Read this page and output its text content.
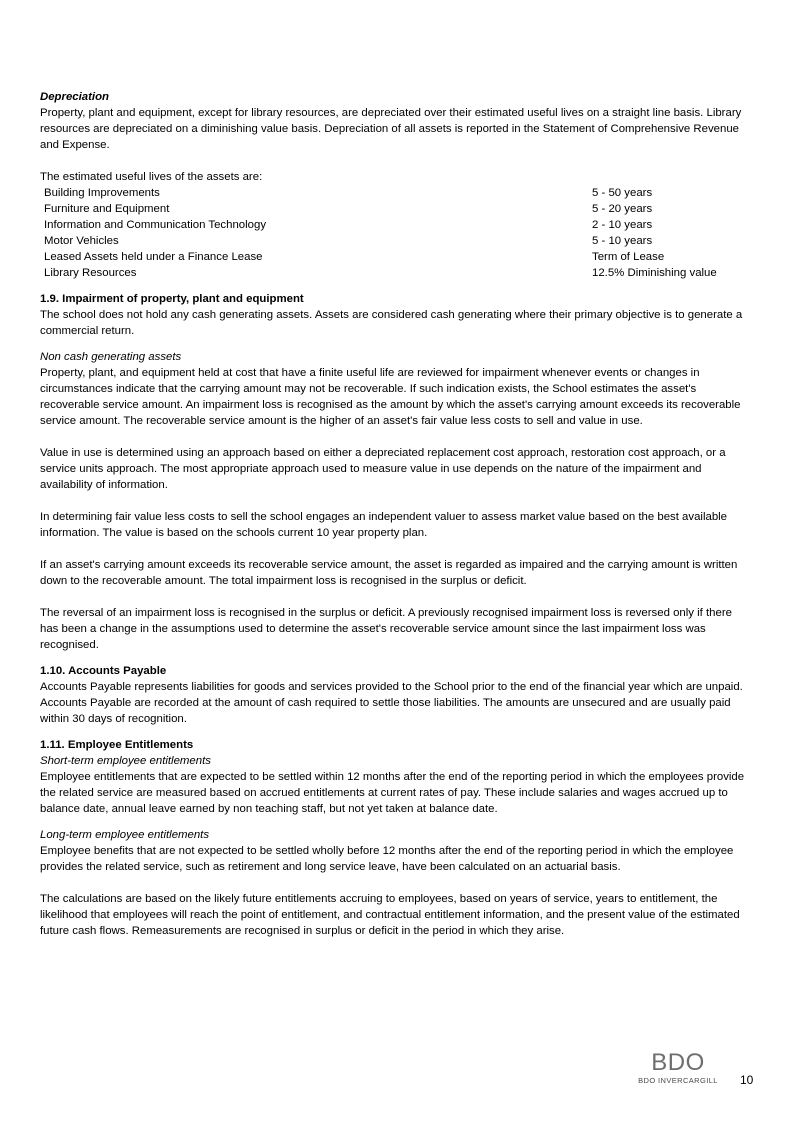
Depreciation

Property, plant and equipment, except for library resources, are depreciated over their estimated useful lives on a straight line basis. Library resources are depreciated on a diminishing value basis. Depreciation of all assets is reported in the Statement of Comprehensive Revenue and Expense.

The estimated useful lives of the assets are:

Building Improvements	5 - 50 years
Furniture and Equipment	5 - 20 years
Information and Communication Technology	2 - 10 years
Motor Vehicles	5 - 10 years
Leased Assets held under a Finance Lease	Term of Lease
Library Resources	12.5% Diminishing value

1.9. Impairment of property, plant and equipment

The school does not hold any cash generating assets. Assets are considered cash generating where their primary objective is to generate a commercial return.

Non cash generating assets

Property, plant, and equipment held at cost that have a finite useful life are reviewed for impairment whenever events or changes in circumstances indicate that the carrying amount may not be recoverable. If such indication exists, the School estimates the asset's recoverable service amount. An impairment loss is recognised as the amount by which the asset's carrying amount exceeds its recoverable service amount. The recoverable service amount is the higher of an asset's fair value less costs to sell and value in use.

Value in use is determined using an approach based on either a depreciated replacement cost approach, restoration cost approach, or a service units approach. The most appropriate approach used to measure value in use depends on the nature of the impairment and availability of information.

In determining fair value less costs to sell the school engages an independent valuer to assess market value based on the best available information. The value is based on the schools current 10 year property plan.

If an asset's carrying amount exceeds its recoverable service amount, the asset is regarded as impaired and the carrying amount is written down to the recoverable amount. The total impairment loss is recognised in the surplus or deficit.

The reversal of an impairment loss is recognised in the surplus or deficit. A previously recognised impairment loss is reversed only if there has been a change in the assumptions used to determine the asset's recoverable service amount since the last impairment loss was recognised.

1.10. Accounts Payable

Accounts Payable represents liabilities for goods and services provided to the School prior to the end of the financial year which are unpaid. Accounts Payable are recorded at the amount of cash required to settle those liabilities. The amounts are unsecured and are usually paid within 30 days of recognition.

1.11. Employee Entitlements

Short-term employee entitlements

Employee entitlements that are expected to be settled within 12 months after the end of the reporting period in which the employees provide the related service are measured based on accrued entitlements at current rates of pay. These include salaries and wages accrued up to balance date, annual leave earned by non teaching staff, but not yet taken at balance date.

Long-term employee entitlements

Employee benefits that are not expected to be settled wholly before 12 months after the end of the reporting period in which the employee provides the related service, such as retirement and long service leave, have been calculated on an actuarial basis.

The calculations are based on the likely future entitlements accruing to employees, based on years of service, years to entitlement, the likelihood that employees will reach the point of entitlement, and contractual entitlement information, and the present value of the estimated future cash flows. Remeasurements are recognised in surplus or deficit in the period in which they arise.

BDO
BDO INVERCARGILL 10
